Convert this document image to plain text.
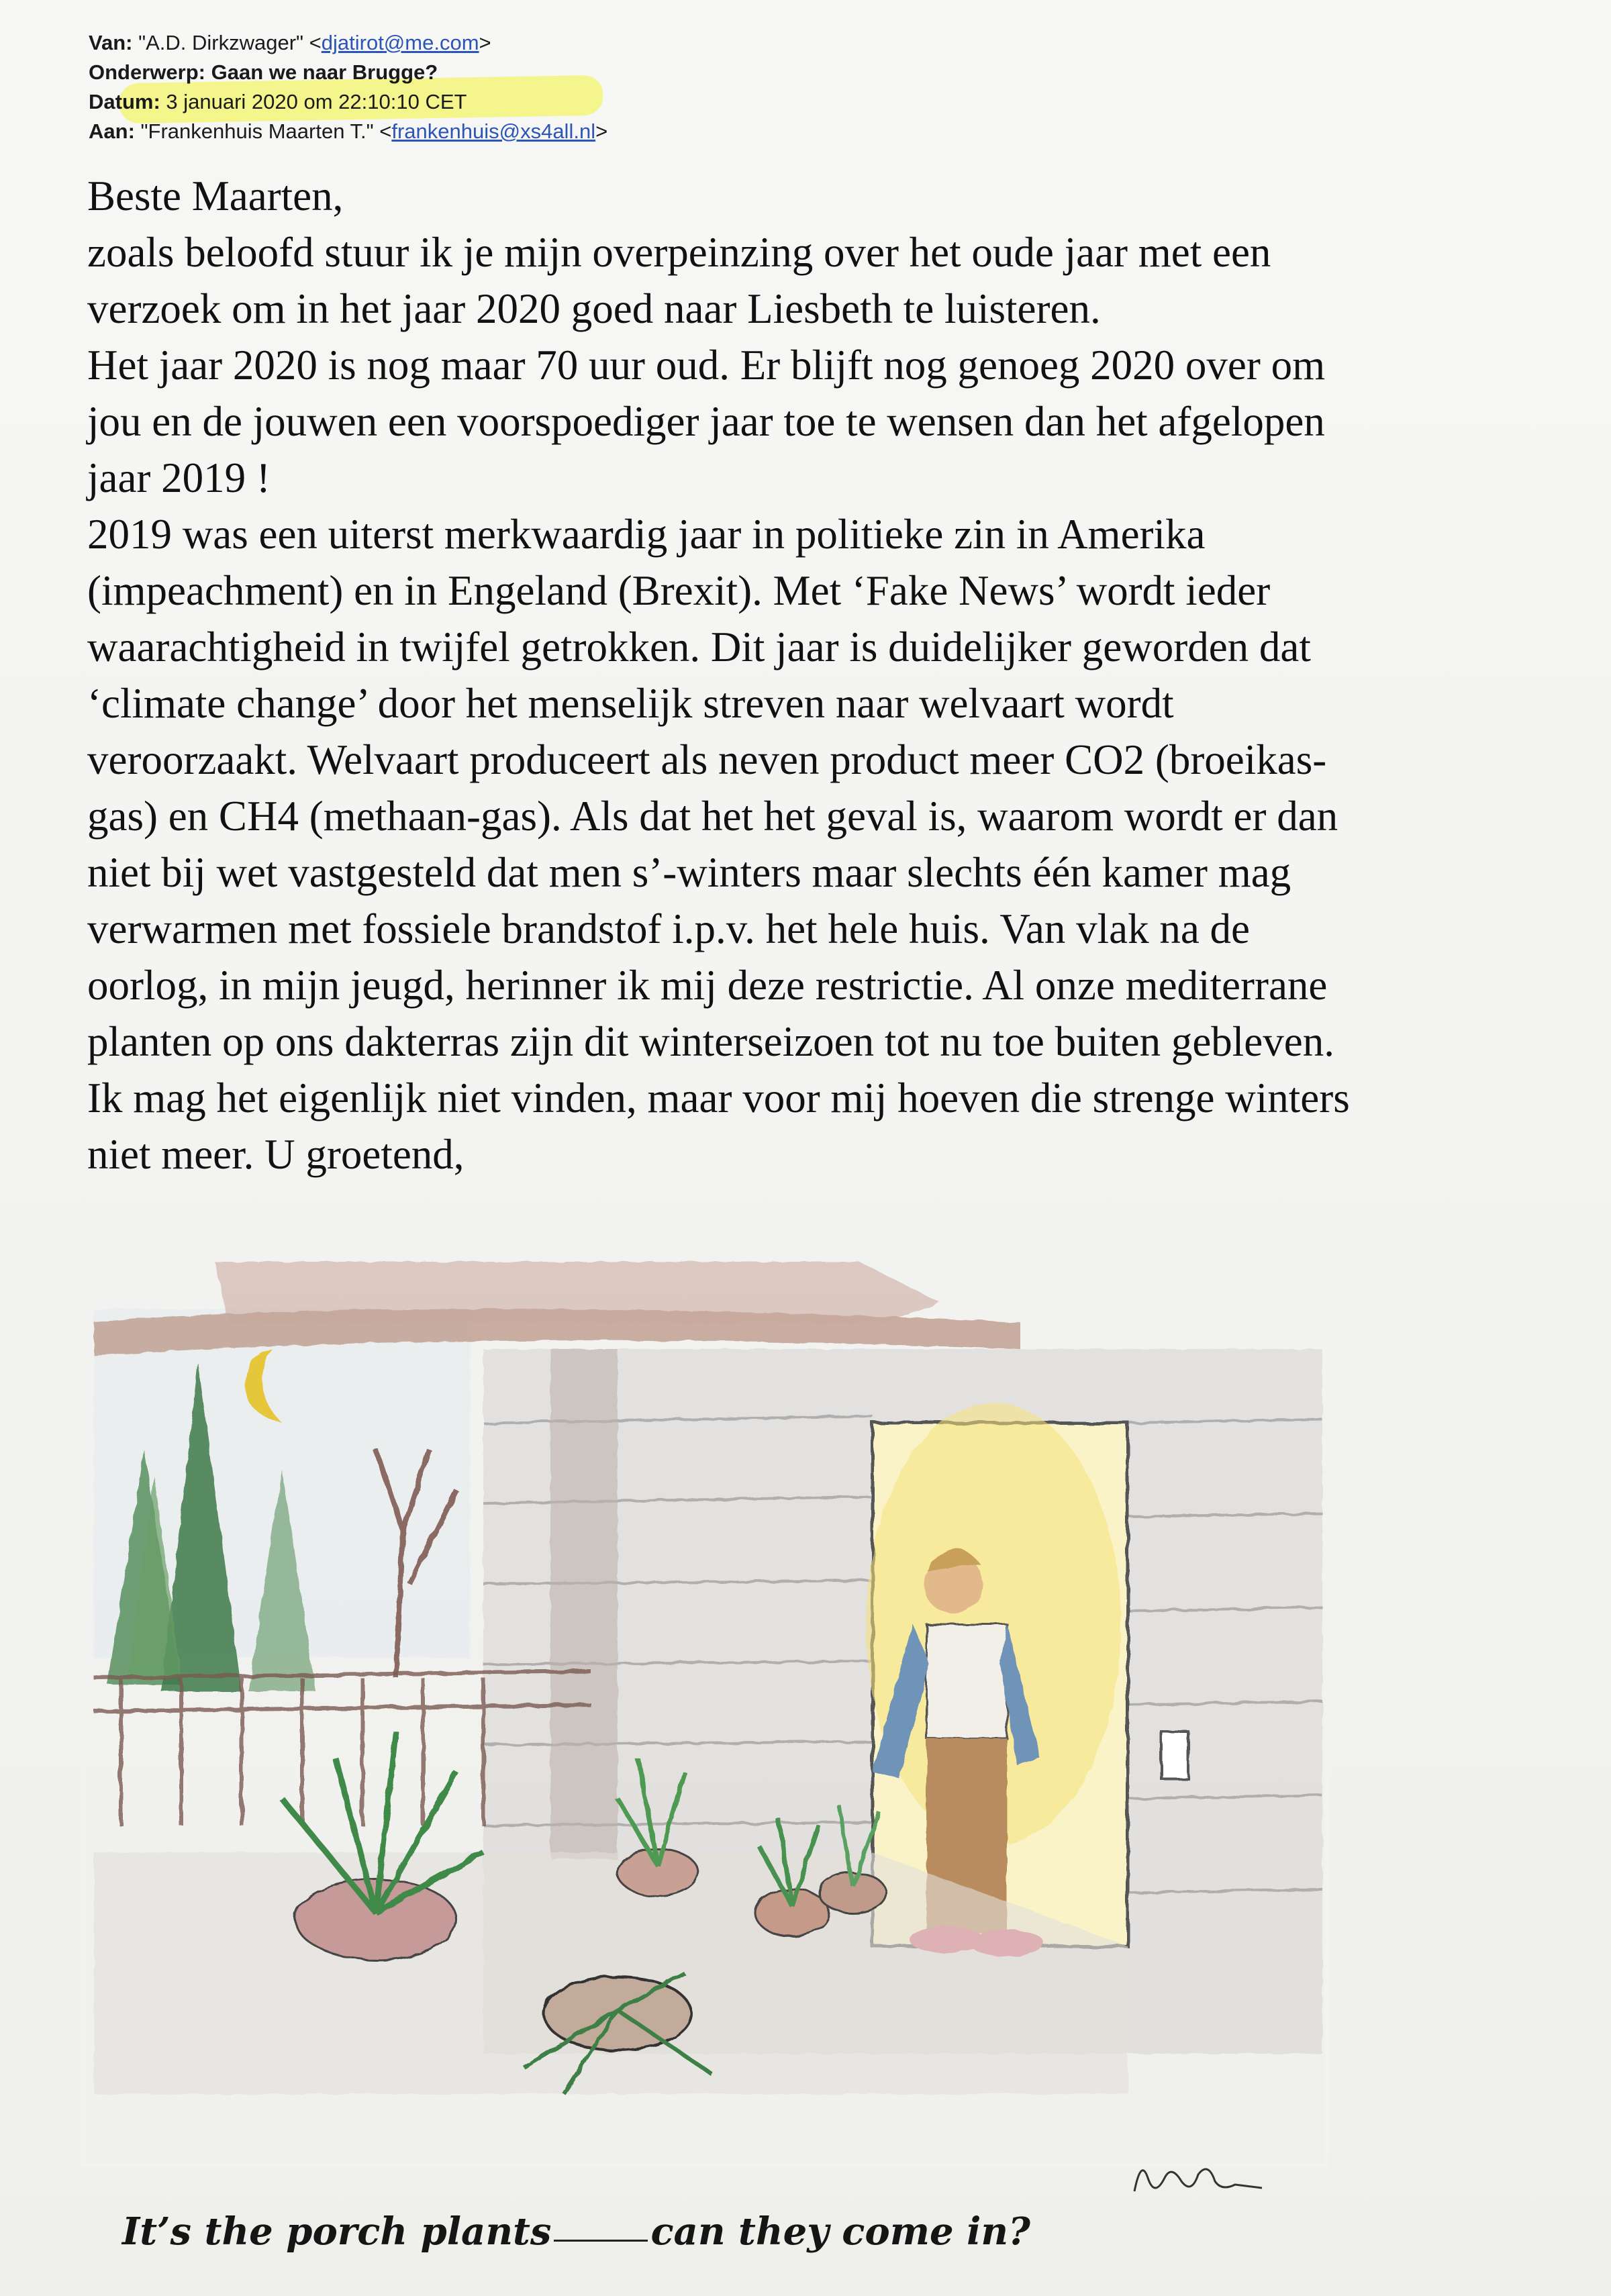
Van: "A.D. Dirkzwager" <djatirot@me.com>
Onderwerp: Gaan we naar Brugge?
Datum: 3 januari 2020 om 22:10:10 CET
Aan: "Frankenhuis Maarten T." <frankenhuis@xs4all.nl>
Beste Maarten,
zoals beloofd stuur ik je mijn overpeinzing over het oude jaar met een
verzoek om in het jaar 2020 goed naar Liesbeth te luisteren.
Het jaar 2020 is nog maar 70 uur oud. Er blijft nog genoeg 2020 over om
jou en de jouwen een voorspoediger jaar toe te wensen dan het afgelopen
jaar 2019 !
2019 was een uiterst merkwaardig jaar in politieke zin in Amerika
(impeachment) en in Engeland (Brexit). Met ‘Fake News’ wordt ieder
waarachtigheid in twijfel getrokken. Dit jaar is duidelijker geworden dat
‘climate change’ door het menselijk streven naar welvaart wordt
veroorzaakt. Welvaart produceert als neven product meer CO2 (broeikas-
gas) en CH4 (methaan-gas). Als dat het het geval is, waarom wordt er dan
niet bij wet vastgesteld dat men s’-winters maar slechts één kamer mag
verwarmen met fossiele brandstof i.p.v. het hele huis. Van vlak na de
oorlog, in mijn jeugd, herinner ik mij deze restrictie. Al onze mediterrane
planten op ons dakterras zijn dit winterseizoen tot nu toe buiten gebleven.
Ik mag het eigenlijk niet vinden, maar voor mij hoeven die strenge winters
niet meer. U groetend,
It’s the porch plants	can they come in?
